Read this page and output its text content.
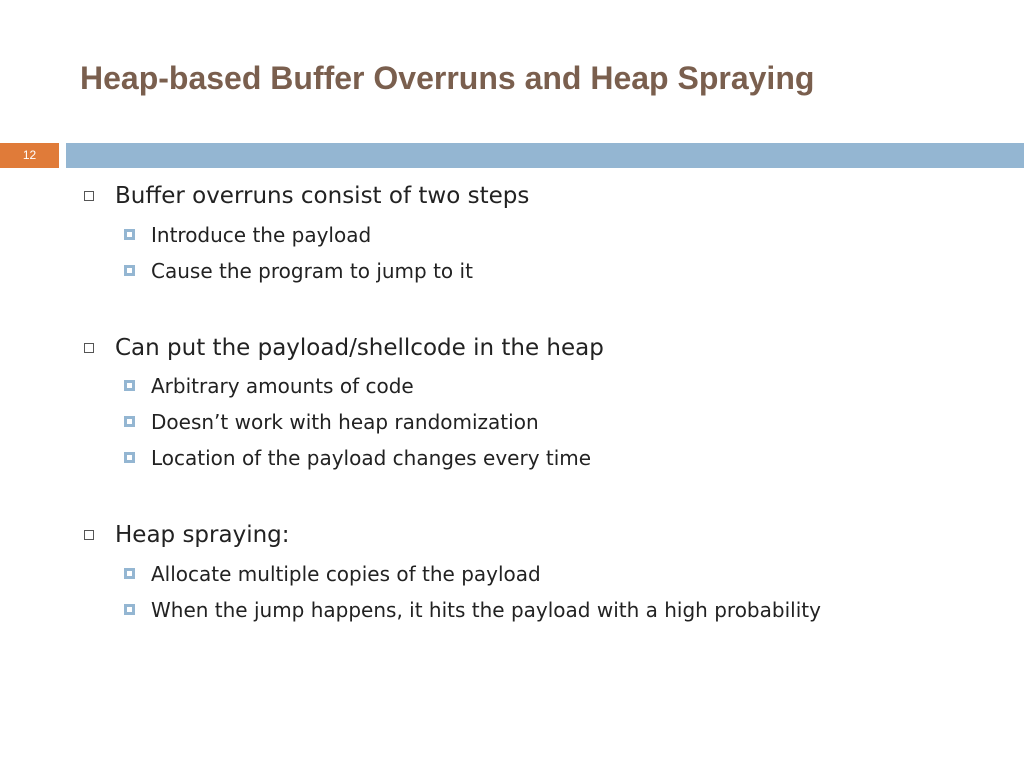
Heap-based Buffer Overruns and Heap Spraying
12
Buffer overruns consist of two steps
Introduce the payload
Cause the program to jump to it
Can put the payload/shellcode in the heap
Arbitrary amounts of code
Doesn’t work with heap randomization
Location of the payload changes every time
Heap spraying:
Allocate multiple copies of the payload
When the jump happens, it hits the payload with a high probability
